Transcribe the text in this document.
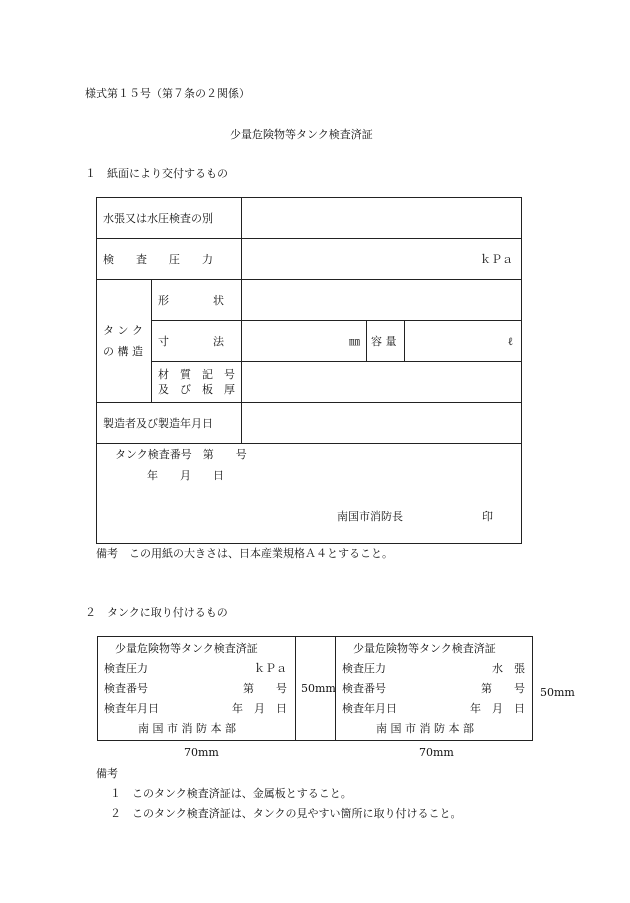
様式第１５号（第７条の２関係）
少量危険物等タンク検査済証
１　紙面により交付するもの
水張又は水圧検査の別				
検　　査　　圧　　力		ｋＰａ		

タ ン ク
の 構 造	形　　　　状			
	寸　　　　法	㎜	容 量	ℓ

	材　質　記　号
及　び　板　厚			

製造者及び製造年月日				

タンク検査番号　第　　号
年　　月　　日
南国市消防長 印				
備考　この用紙の大きさは、日本産業規格Ａ４とすること。
２　タンクに取り付けるもの
少量危険物等タンク検査済証
検査圧力	ｋＰａ
検査番号	第　　号
検査年月日	年　月　日
南 国 市 消 防 本 部
50mm
少量危険物等タンク検査済証
検査圧力	水　張
検査番号	第　　号
検査年月日	年　月　日
南 国 市 消 防 本 部
50mm
70mm	70mm
備考
１　このタンク検査済証は、金属板とすること。
２　このタンク検査済証は、タンクの見やすい箇所に取り付けること。
